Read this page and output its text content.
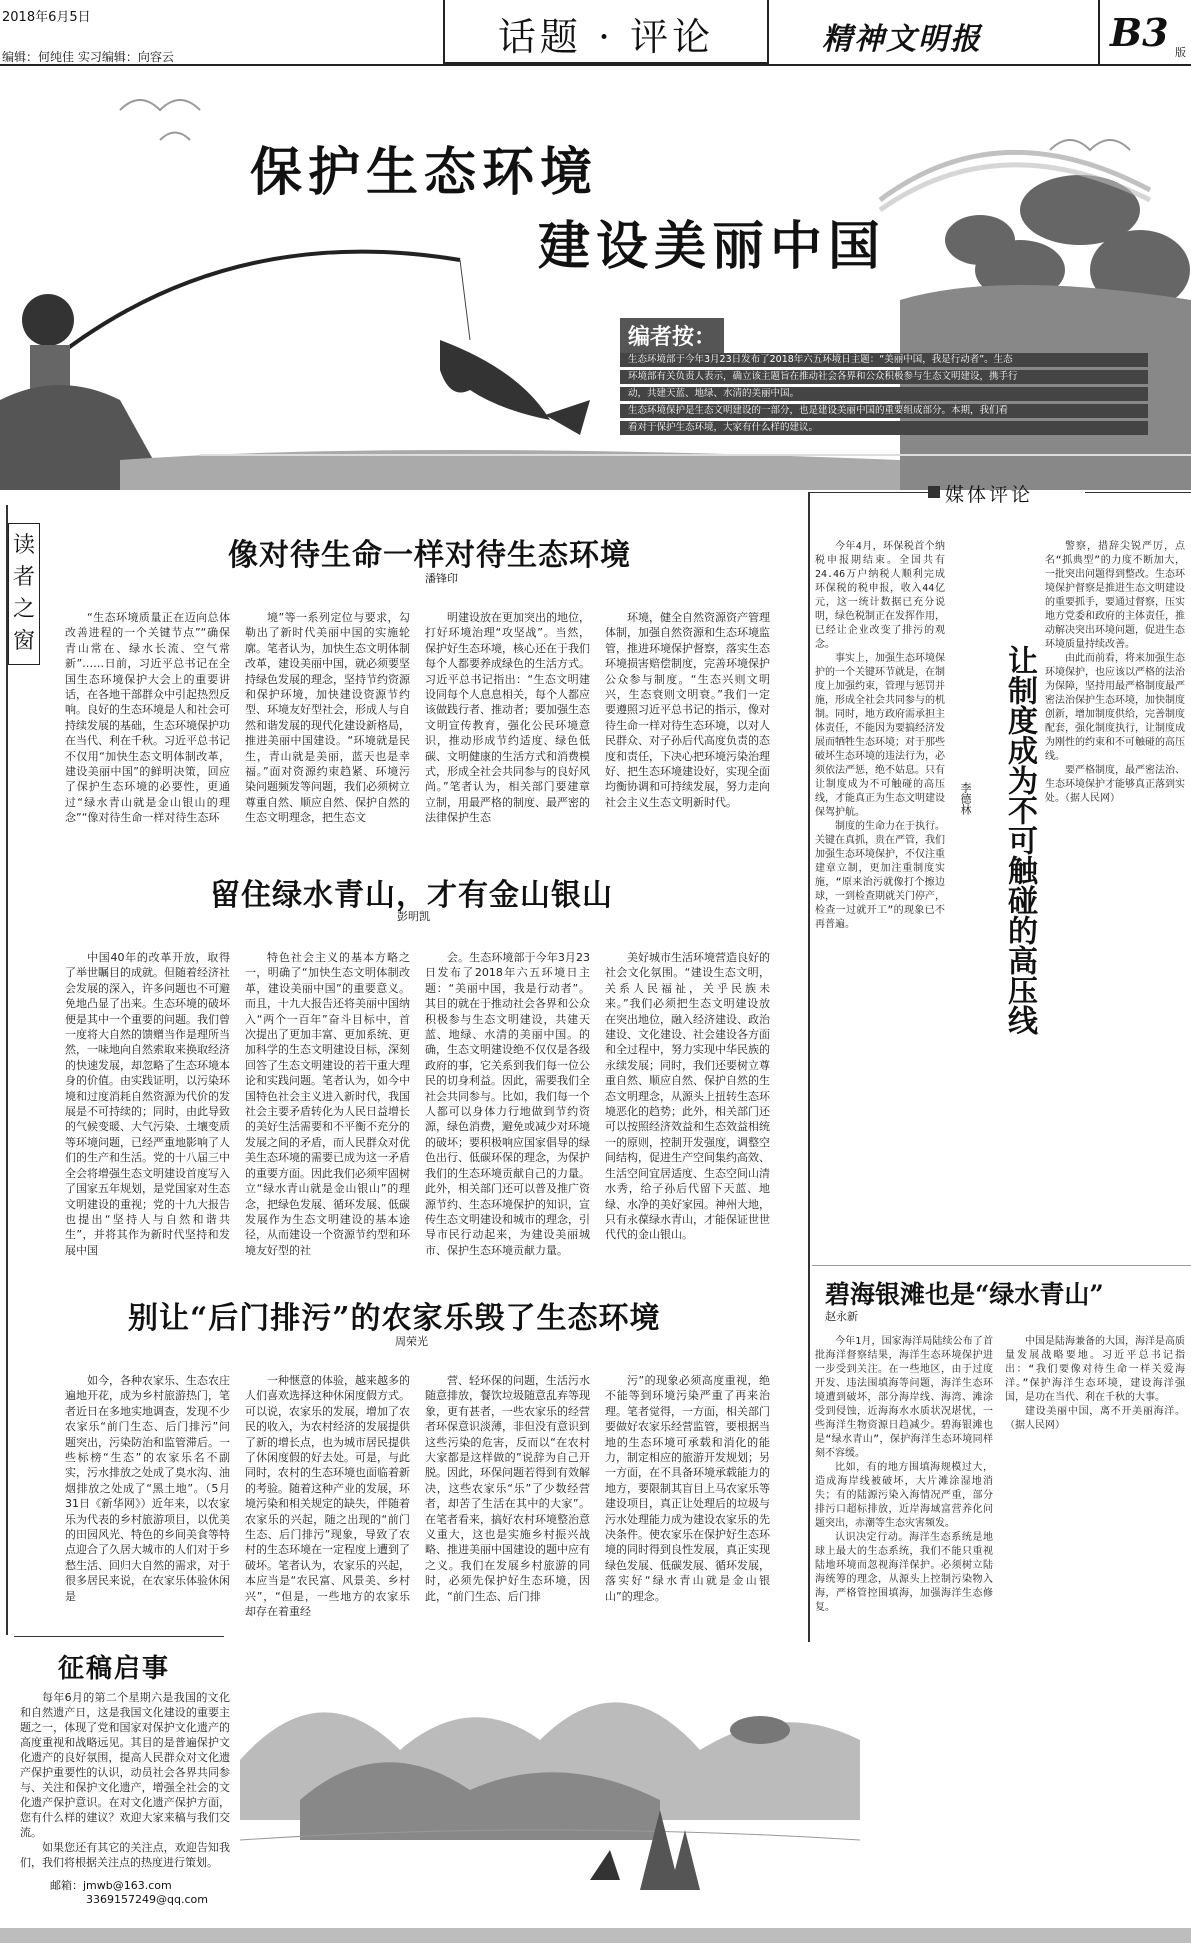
2018年6月5日
编辑：何纯佳 实习编辑：向容云	话题 · 评论	精神文明报	B3 版
保护生态环境
建设美丽中国
编者按：
生态环境部于今年3月23日发布了2018年六五环境日主题：“美丽中国，我是行动者”。生态
环境部有关负责人表示，确立该主题旨在推动社会各界和公众积极参与生态文明建设，携手行
动，共建天蓝、地绿、水清的美丽中国。
生态环境保护是生态文明建设的一部分，也是建设美丽中国的重要组成部分。本期，我们看
看对于保护生态环境，大家有什么样的建议。
读者之窗
像对待生命一样对待生态环境
潘锋印

“生态环境质量正在迈向总体改善进程的一个关键节点”“确保青山常在、绿水长流、空气常新”……日前，习近平总书记在全国生态环境保护大会上的重要讲话，在各地干部群众中引起热烈反响。良好的生态环境是人和社会可持续发展的基础，生态环境保护功在当代、利在千秋。习近平总书记不仅用“加快生态文明体制改革，建设美丽中国”的鲜明决策，回应了保护生态环境的必要性，更通过“绿水青山就是金山银山的理念”“像对待生命一样对待生态环

境”等一系列定位与要求，勾勒出了新时代美丽中国的实施轮廓。笔者认为，加快生态文明体制改革，建设美丽中国，就必须要坚持绿色发展的理念，坚持节约资源和保护环境，加快建设资源节约型、环境友好型社会，形成人与自然和谐发展的现代化建设新格局，推进美丽中国建设。“环境就是民生，青山就是美丽，蓝天也是幸福。”面对资源约束趋紧、环境污染问题频发等问题，我们必须树立尊重自然、顺应自然、保护自然的生态文明理念，把生态文

明建设放在更加突出的地位，打好环境治理“攻坚战”。当然，保护好生态环境，核心还在于我们每个人都要养成绿色的生活方式。习近平总书记指出：“生态文明建设同每个人息息相关，每个人都应该做践行者、推动者；要加强生态文明宣传教育，强化公民环境意识，推动形成节约适度、绿色低碳、文明健康的生活方式和消费模式，形成全社会共同参与的良好风尚。”笔者认为，相关部门要建章立制，用最严格的制度、最严密的法律保护生态

环境，健全自然资源资产管理体制，加强自然资源和生态环境监管，推进环境保护督察，落实生态环境损害赔偿制度，完善环境保护公众参与制度。“生态兴则文明兴，生态衰则文明衰。”我们一定要遵照习近平总书记的指示，像对待生命一样对待生态环境，以对人民群众、对子孙后代高度负责的态度和责任，下决心把环境污染治理好、把生态环境建设好，实现全面均衡协调和可持续发展，努力走向社会主义生态文明新时代。

留住绿水青山，才有金山银山
彭明凯

中国40年的改革开放，取得了举世瞩目的成就。但随着经济社会发展的深入，许多问题也不可避免地凸显了出来。生态环境的破坏便是其中一个重要的问题。我们曾一度将大自然的馈赠当作是理所当然，一味地向自然索取来换取经济的快速发展，却忽略了生态环境本身的价值。由实践证明，以污染环境和过度消耗自然资源为代价的发展是不可持续的；同时，由此导致的气候变暖、大气污染、土壤变质等环境问题，已经严重地影响了人们的生产和生活。党的十八届三中全会将增强生态文明建设首度写入了国家五年规划，是党国家对生态文明建设的重视；党的十九大报告也提出“坚持人与自然和谐共生”，并将其作为新时代坚持和发展中国

特色社会主义的基本方略之一，明确了“加快生态文明体制改革，建设美丽中国”的重要意义。而且，十九大报告还将美丽中国纳入“两个一百年”奋斗目标中，首次提出了更加丰富、更加系统、更加科学的生态文明建设目标，深刻回答了生态文明建设的若干重大理论和实践问题。笔者认为，如今中国特色社会主义进入新时代，我国社会主要矛盾转化为人民日益增长的美好生活需要和不平衡不充分的发展之间的矛盾，而人民群众对优美生态环境的需要已成为这一矛盾的重要方面。因此我们必须牢固树立“绿水青山就是金山银山”的理念，把绿色发展、循环发展、低碳发展作为生态文明建设的基本途径，从而建设一个资源节约型和环境友好型的社

会。生态环境部于今年3月23日发布了2018年六五环境日主题：“美丽中国，我是行动者”。其目的就在于推动社会各界和公众积极参与生态文明建设，共建天蓝、地绿、水清的美丽中国。的确，生态文明建设绝不仅仅是各级政府的事，它关系到我们每一位公民的切身利益。因此，需要我们全社会共同参与。比如，我们每一个人都可以身体力行地做到节约资源，绿色消费，避免或减少对环境的破坏；要积极响应国家倡导的绿色出行、低碳环保的理念，为保护我们的生态环境贡献自己的力量。此外，相关部门还可以普及推广资源节约、生态环境保护的知识，宣传生态文明建设和城市的理念，引导市民行动起来，为建设美丽城市、保护生态环境贡献力量。

美好城市生活环境营造良好的社会文化氛围。“建设生态文明，关系人民福祉，关乎民族未来。”我们必须把生态文明建设放在突出地位，融入经济建设、政治建设、文化建设、社会建设各方面和全过程中，努力实现中华民族的永续发展；同时，我们还要树立尊重自然、顺应自然、保护自然的生态文明理念，从源头上扭转生态环境恶化的趋势；此外，相关部门还可以按照经济效益和生态效益相统一的原则，控制开发强度，调整空间结构，促进生产空间集约高效、生活空间宜居适度、生态空间山清水秀，给子孙后代留下天蓝、地绿、水净的美好家园。神州大地，只有永葆绿水青山，才能保证世世代代的金山银山。

别让“后门排污”的农家乐毁了生态环境
周荣光

如今，各种农家乐、生态农庄遍地开花，成为乡村旅游热门，笔者近日在多地实地调查，发现不少农家乐“前门生态、后门排污”问题突出，污染防治和监管滞后。一些标榜“生态”的农家乐名不副实，污水排放之处成了臭水沟、油烟排放之处成了“黑土地”。（5月31日《新华网》）近年来，以农家乐为代表的乡村旅游项目，以优美的田园风光、特色的乡间美食等特点迎合了久居大城市的人们对于乡愁生活、回归大自然的需求，对于很多居民来说，在农家乐体验休闲是

一种惬意的体验，越来越多的人们喜欢选择这种休闲度假方式。可以说，农家乐的发展，增加了农民的收入，为农村经济的发展提供了新的增长点，也为城市居民提供了休闲度假的好去处。可是，与此同时，农村的生态环境也面临着新的考验。随着这种产业的发展，环境污染和相关规定的缺失，伴随着农家乐的兴起，随之出现的“前门生态、后门排污”现象，导致了农村的生态环境在一定程度上遭到了破坏。笔者认为，农家乐的兴起，本应当是“农民富、风景美、乡村兴”，“但是，一些地方的农家乐却存在着重经

营、轻环保的问题，生活污水随意排放，餐饮垃圾随意乱弃等现象，更有甚者，一些农家乐的经营者环保意识淡薄，非但没有意识到这些污染的危害，反而以“在农村大家都是这样做的”说辞为自己开脱。因此，环保问题若得到有效解决，这些农家乐“乐”了少数经营者，却苦了生活在其中的大家”。在笔者看来，搞好农村环境整治意义重大，这也是实施乡村振兴战略、推进美丽中国建设的题中应有之义。我们在发展乡村旅游的同时，必须先保护好生态环境，因此，“前门生态、后门排

污”的现象必须高度重视，绝不能等到环境污染严重了再来治理。笔者觉得，一方面，相关部门要做好农家乐经营监管，要根据当地的生态环境可承载和消化的能力，制定相应的旅游开发规划；另一方面，在不具备环境承载能力的地方，要限制其盲目上马农家乐等建设项目，真正让处理后的垃圾与污水处理能力成为建设农家乐的先决条件。使农家乐在保护好生态环境的同时得到良性发展，真正实现绿色发展、低碳发展、循环发展，落实好“绿水青山就是金山银山”的理念。

媒体评论
让制度成为不可触碰的高压线
李德林

今年4月，环保税首个纳税申报期结束。全国共有24.46万户纳税人顺利完成环保税的税申报，收入44亿元，这一统计数据已充分说明，绿色税制正在发挥作用，已经让企业改变了排污的观念。

事实上，加强生态环境保护的一个关键环节就是，在制度上加强约束，管理与惩罚并施，形成全社会共同参与的机制。同时，地方政府需承担主体责任，不能因为要搞经济发展而牺牲生态环境；对于那些破坏生态环境的违法行为，必须依法严惩，绝不姑息。只有让制度成为不可触碰的高压线，才能真正为生态文明建设保驾护航。

制度的生命力在于执行。关键在真抓，贵在严管，我们加强生态环境保护，不仅注重建章立制，更加注重制度实施，“原来治污就像打个擦边球，一到检查期就关门停产，检查一过就开工”的现象已不再普遍。

警察，措辞尖锐严厉，点名“抓典型”的力度不断加大，一批突出问题得到整改。生态环境保护督察是推进生态文明建设的重要抓手，要通过督察，压实地方党委和政府的主体责任，推动解决突出环境问题，促进生态环境质量持续改善。

由此而前看，将来加强生态环境保护，也应该以严格的法治为保障，坚持用最严格制度最严密法治保护生态环境，加快制度创新，增加制度供给，完善制度配套，强化制度执行，让制度成为刚性的约束和不可触碰的高压线。

要严格制度，最严密法治、生态环境保护才能够真正落到实处。（据人民网）

碧海银滩也是“绿水青山”
赵永新

今年1月，国家海洋局陆续公布了首批海洋督察结果，海洋生态环境保护进一步受到关注。在一些地区，由于过度开发、违法围填海等问题，海洋生态环境遭到破坏，部分海岸线、海湾、滩涂受到侵蚀，近海海水水质状况堪忧，一些海洋生物资源日趋减少。碧海银滩也是“绿水青山”，保护海洋生态环境同样刻不容缓。

比如，有的地方围填海规模过大，造成海岸线被破坏，大片滩涂湿地消失；有的陆源污染入海情况严重，部分排污口超标排放，近岸海域富营养化问题突出，赤潮等生态灾害频发。

认识决定行动。海洋生态系统是地球上最大的生态系统，我们不能只重视陆地环境而忽视海洋保护。必须树立陆海统筹的理念，从源头上控制污染物入海，严格管控围填海，加强海洋生态修复。

中国是陆海兼备的大国，海洋是高质量发展战略要地。习近平总书记指出：“我们要像对待生命一样关爱海洋。”保护海洋生态环境，建设海洋强国，是功在当代、利在千秋的大事。

建设美丽中国，离不开美丽海洋。（据人民网）

征稿启事

每年6月的第二个星期六是我国的文化和自然遗产日，这是我国文化建设的重要主题之一，体现了党和国家对保护文化遗产的高度重视和战略远见。其目的是普遍保护文化遗产的良好氛围，提高人民群众对文化遗产保护重要性的认识，动员社会各界共同参与、关注和保护文化遗产，增强全社会的文化遗产保护意识。在对文化遗产保护方面，您有什么样的建议？欢迎大家来稿与我们交流。

如果您还有其它的关注点，欢迎告知我们，我们将根据关注点的热度进行策划。

邮箱：jmwb@163.com
3369157249@qq.com
